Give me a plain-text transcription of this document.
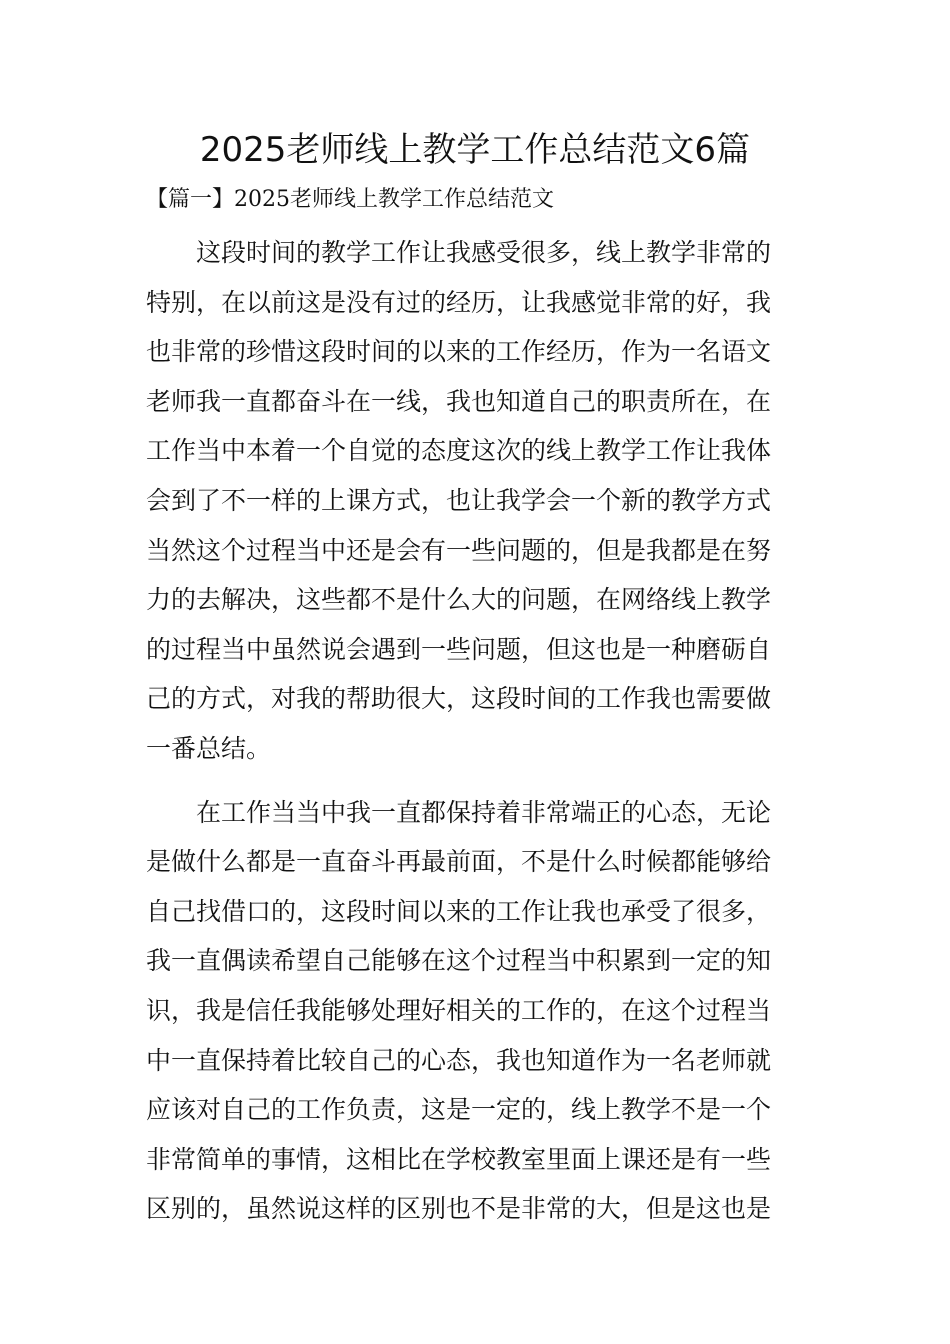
2025老师线上教学工作总结范文6篇
【篇一】2025老师线上教学工作总结范文
这段时间的教学工作让我感受很多，线上教学非常的
特别，在以前这是没有过的经历，让我感觉非常的好，我
也非常的珍惜这段时间的以来的工作经历，作为一名语文
老师我一直都奋斗在一线，我也知道自己的职责所在，在
工作当中本着一个自觉的态度这次的线上教学工作让我体
会到了不一样的上课方式，也让我学会一个新的教学方式
当然这个过程当中还是会有一些问题的，但是我都是在努
力的去解决，这些都不是什么大的问题，在网络线上教学
的过程当中虽然说会遇到一些问题，但这也是一种磨砺自
己的方式，对我的帮助很大，这段时间的工作我也需要做
一番总结。
在工作当当中我一直都保持着非常端正的心态，无论
是做什么都是一直奋斗再最前面，不是什么时候都能够给
自己找借口的，这段时间以来的工作让我也承受了很多，
我一直偶读希望自己能够在这个过程当中积累到一定的知
识，我是信任我能够处理好相关的工作的，在这个过程当
中一直保持着比较自己的心态，我也知道作为一名老师就
应该对自己的工作负责，这是一定的，线上教学不是一个
非常简单的事情，这相比在学校教室里面上课还是有一些
区别的，虽然说这样的区别也不是非常的大，但是这也是
